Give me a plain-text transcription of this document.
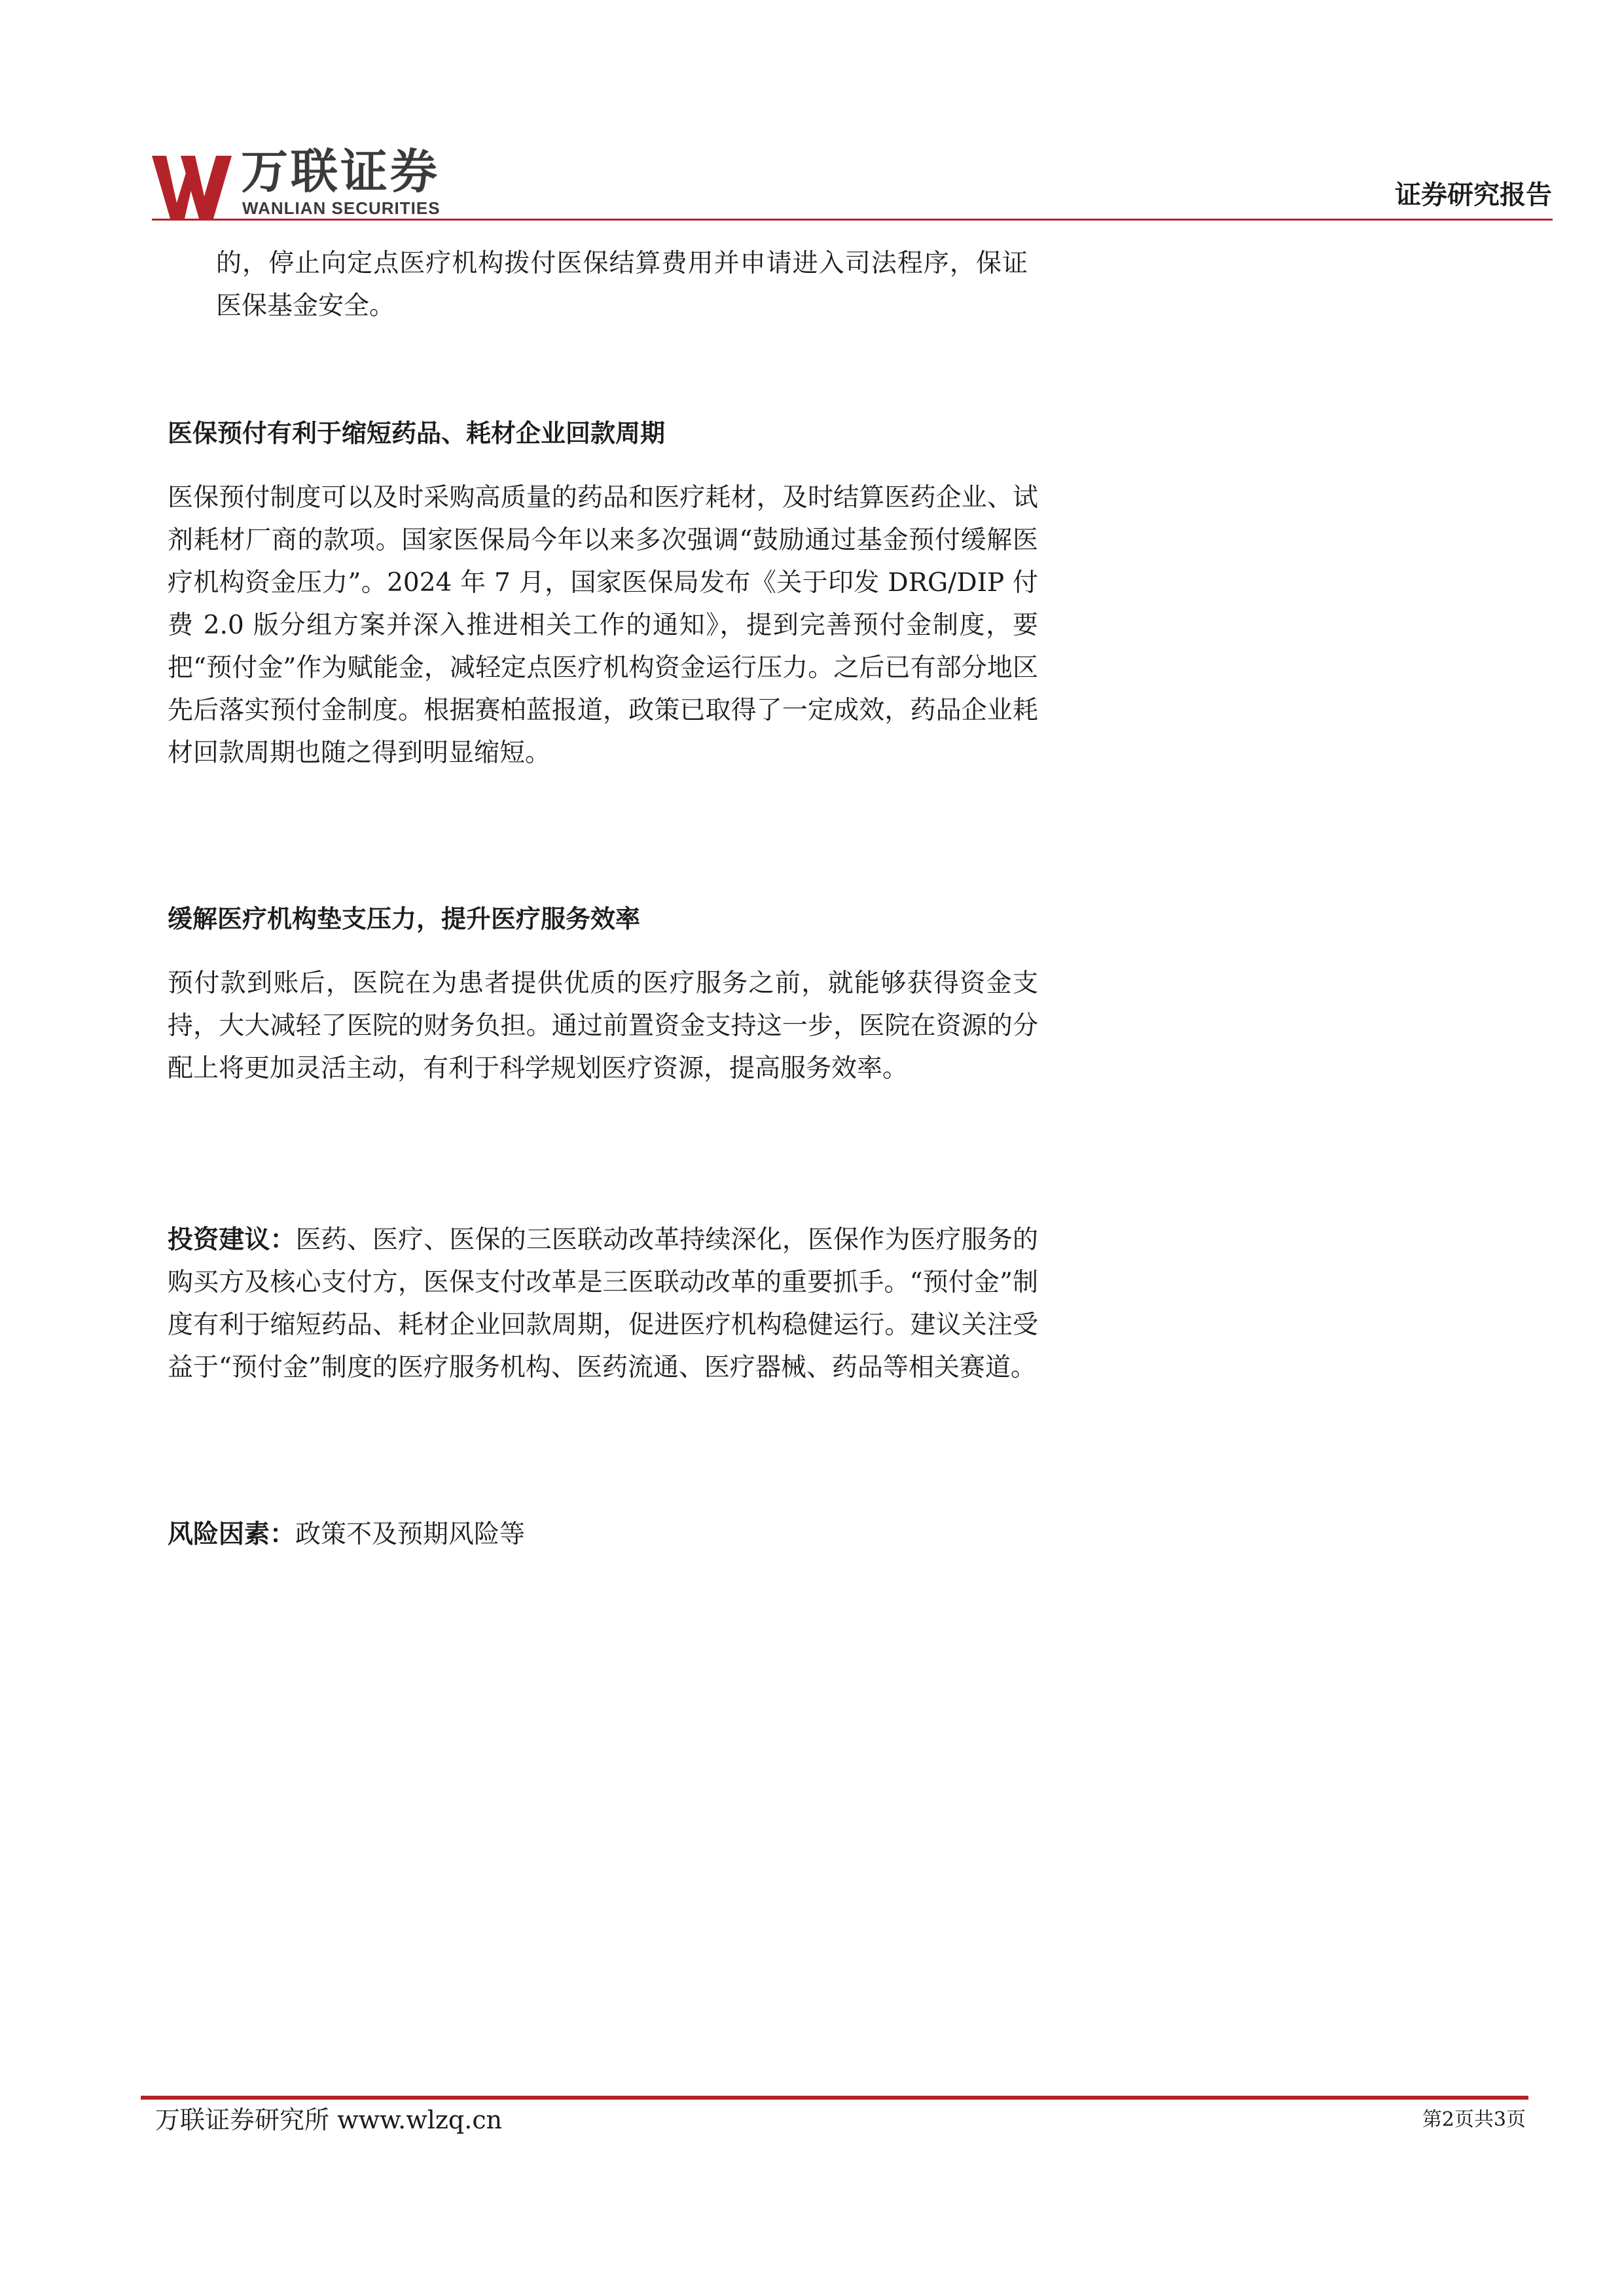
万联证券
WANLIAN SECURITIES	证券研究报告
的，停止向定点医疗机构拨付医保结算费用并申请进入司法程序，保证医保基金安全。
医保预付有利于缩短药品、耗材企业回款周期
医保预付制度可以及时采购高质量的药品和医疗耗材，及时结算医药企业、试剂耗材厂商的款项。国家医保局今年以来多次强调“鼓励通过基金预付缓解医疗机构资金压力”。2024 年 7 月，国家医保局发布《关于印发 DRG/DIP 付费 2.0 版分组方案并深入推进相关工作的通知》，提到完善预付金制度，要把“预付金”作为赋能金，减轻定点医疗机构资金运行压力。之后已有部分地区先后落实预付金制度。根据赛柏蓝报道，政策已取得了一定成效，药品企业耗材回款周期也随之得到明显缩短。
缓解医疗机构垫支压力，提升医疗服务效率
预付款到账后，医院在为患者提供优质的医疗服务之前，就能够获得资金支持，大大减轻了医院的财务负担。通过前置资金支持这一步，医院在资源的分配上将更加灵活主动，有利于科学规划医疗资源，提高服务效率。
投资建议：医药、医疗、医保的三医联动改革持续深化，医保作为医疗服务的购买方及核心支付方，医保支付改革是三医联动改革的重要抓手。“预付金”制度有利于缩短药品、耗材企业回款周期，促进医疗机构稳健运行。建议关注受益于“预付金”制度的医疗服务机构、医药流通、医疗器械、药品等相关赛道。
风险因素：政策不及预期风险等
万联证券研究所 www.wlzq.cn	第2页共3页
